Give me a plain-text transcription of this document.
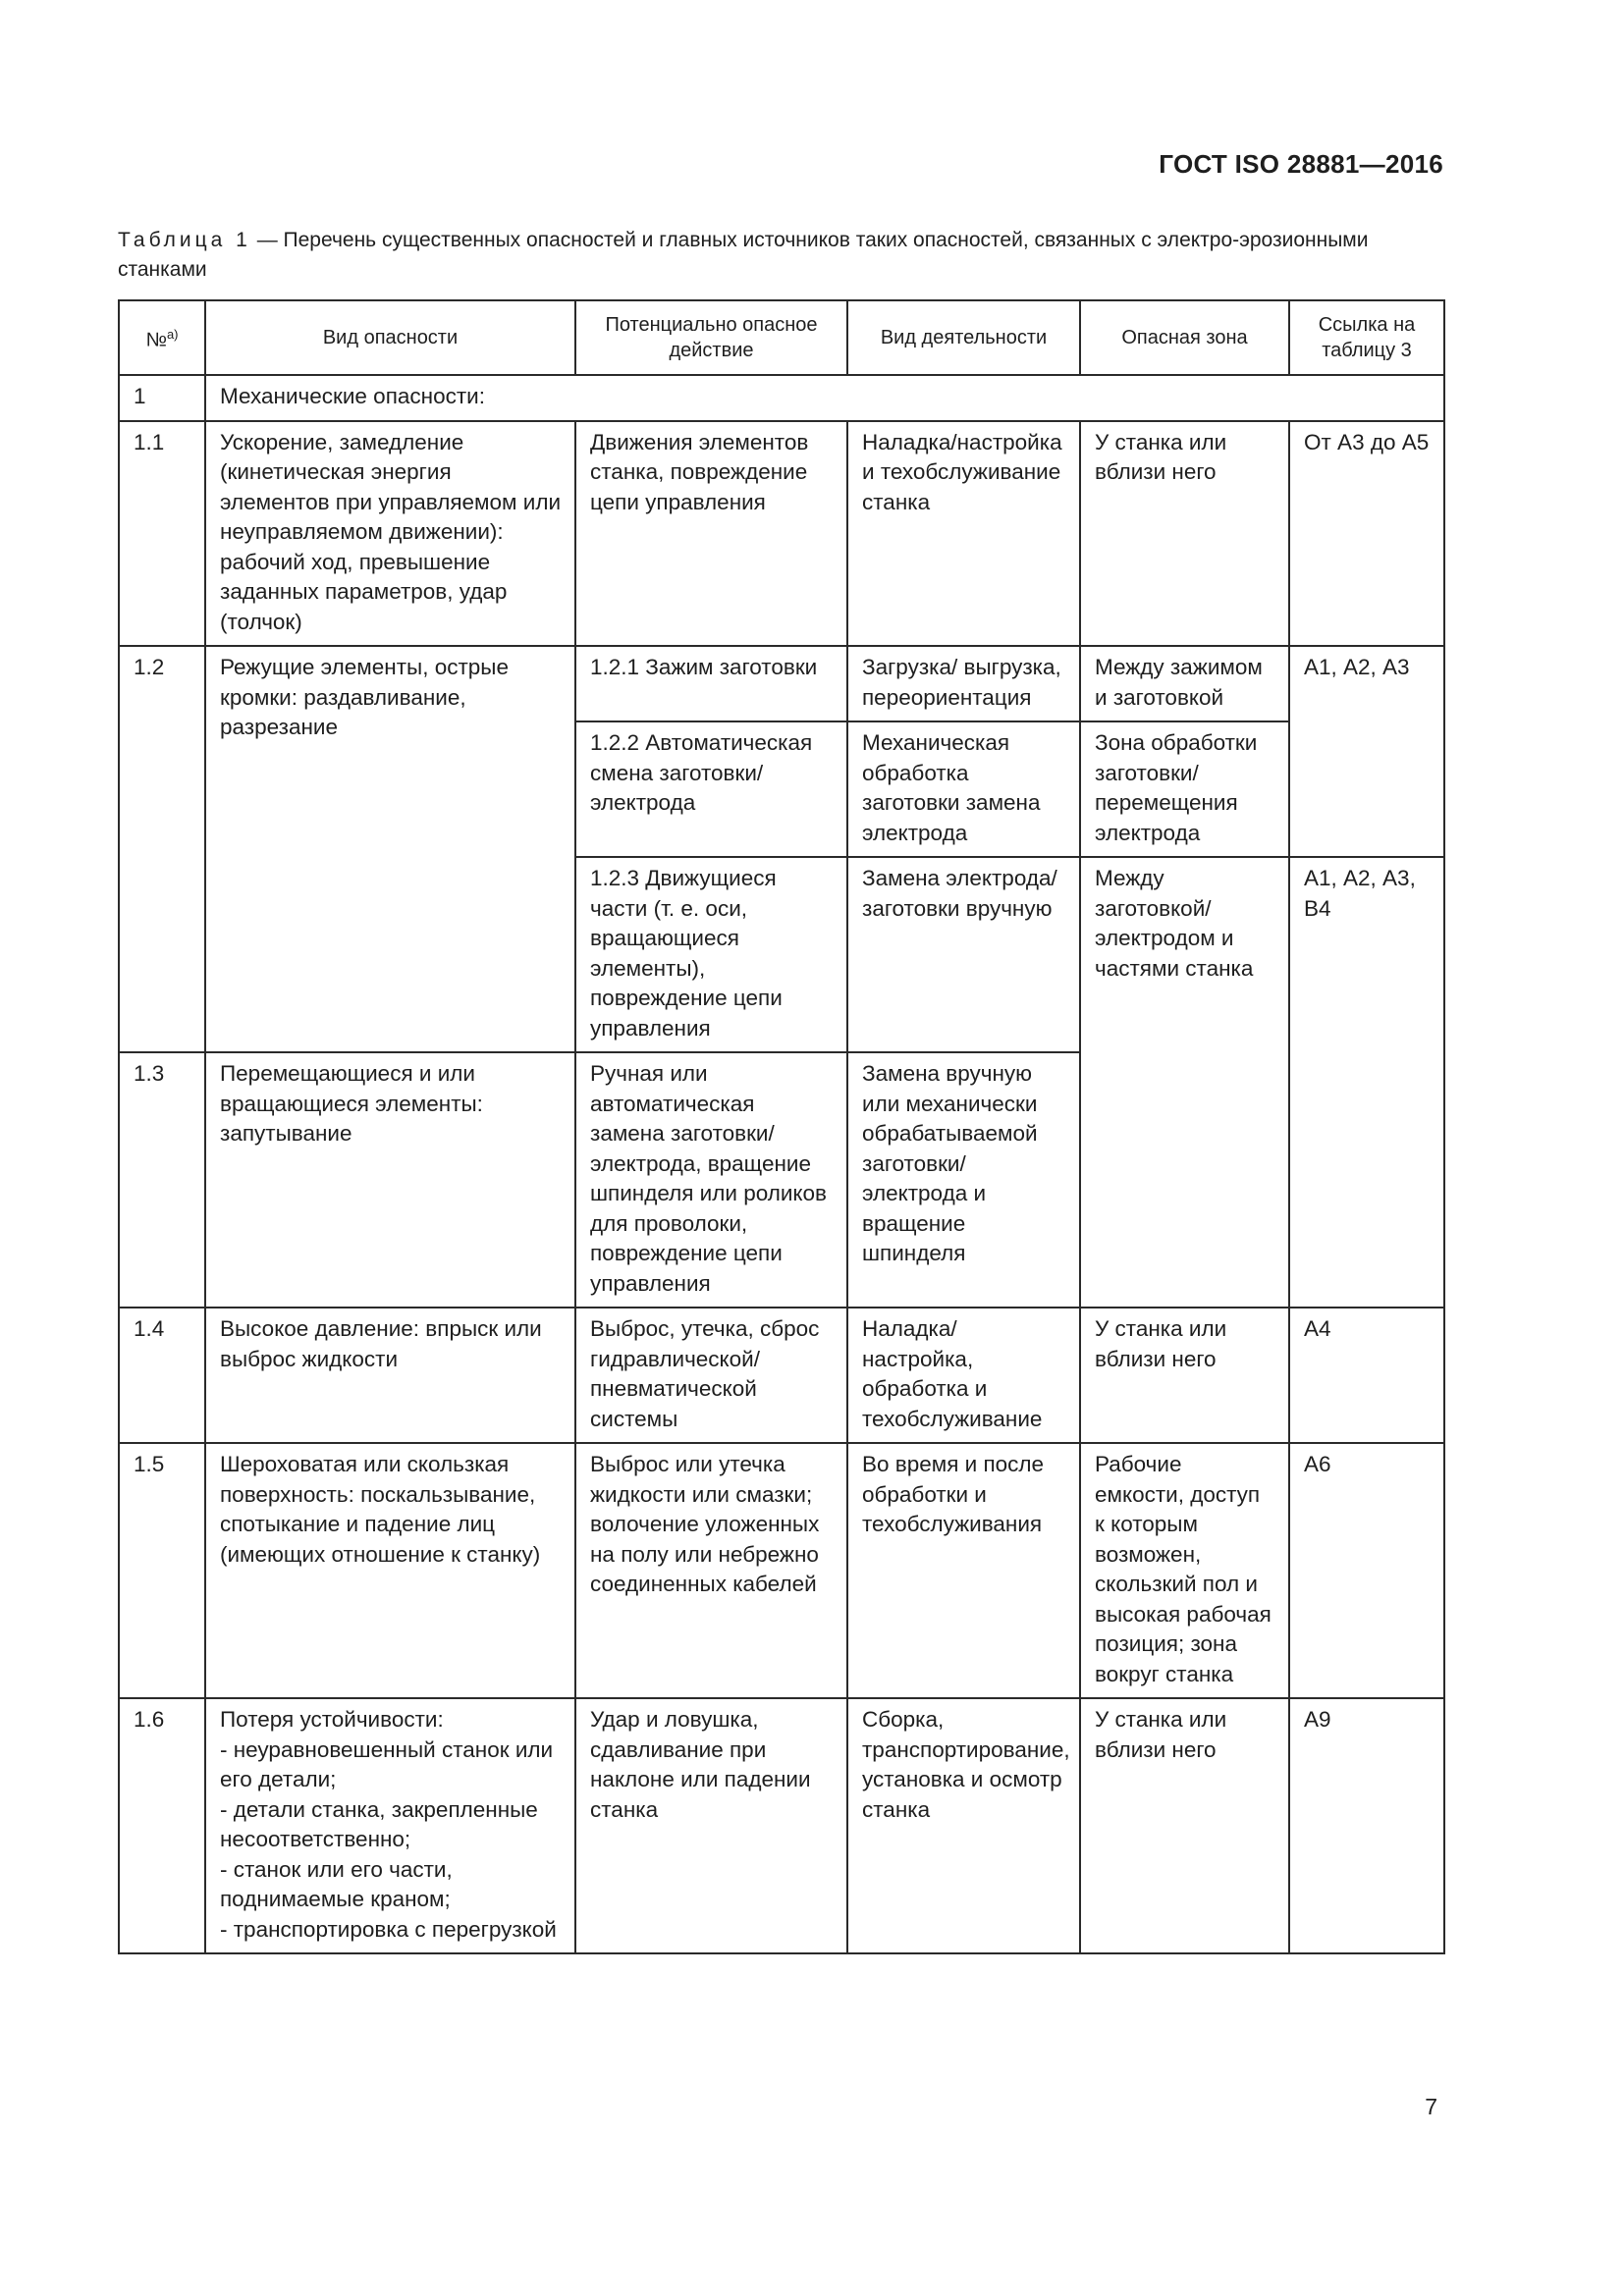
ГОСТ ISO 28881—2016
Таблица 1 — Перечень существенных опасностей и главных источников таких опасностей, связанных с электро-эрозионными станками
№$^{a)}$	Вид опасности	Потенциально опасное действие	Вид деятельности	Опасная зона	Ссылка на таблицу 3
1	Механические опасности:				
1.1	Ускорение, замедление (кинетическая энергия элементов при управляемом или неуправляемом движении): рабочий ход, превышение заданных параметров, удар (толчок)	Движения элементов станка, повреждение цепи управления	Наладка/настройка и техобслуживание станка	У станка или вблизи него	От А3 до А5
1.2	Режущие элементы, острые кромки: раздавливание, разрезание	1.2.1 Зажим заготовки	Загрузка/ выгрузка, переориентация	Между зажимом и заготовкой	А1, А2, А3
		1.2.2 Автоматическая смена заготовки/электрода	Механическая обработка заготовки замена электрода	Зона обработки заготовки/ перемещения электрода	
		1.2.3 Движущиеся части (т. е. оси, вращающиеся элементы), повреждение цепи управления	Замена электрода/заготовки вручную	Между заготовкой/электродом и частями станка	А1, А2, А3, В4
1.3	Перемещающиеся и или вращающиеся элементы: запутывание	Ручная или автоматическая замена заготовки/электрода, вращение шпинделя или роликов для проволоки, повреждение цепи управления	Замена вручную или механически обрабатываемой заготовки/электрода и вращение шпинделя		
1.4	Высокое давление: впрыск или выброс жидкости	Выброс, утечка, сброс гидравлической/ пневматической системы	Наладка/настройка, обработка и техобслуживание	У станка или вблизи него	А4
1.5	Шероховатая или скользкая поверхность: поскальзывание, спотыкание и падение лиц (имеющих отношение к станку)	Выброс или утечка жидкости или смазки; волочение уложенных на полу или небрежно соединенных кабелей	Во время и после обработки и техобслуживания	Рабочие емкости, доступ к которым возможен, скользкий пол и высокая рабочая позиция; зона вокруг станка	А6
1.6	Потеря устойчивости:
- неуравновешенный станок или его детали;
- детали станка, закрепленные несоответственно;
- станок или его части, поднимаемые краном;
- транспортировка с перегрузкой	Удар и ловушка, сдавливание при наклоне или падении станка	Сборка, транспортирование, установка и осмотр станка	У станка или вблизи него	А9
7
